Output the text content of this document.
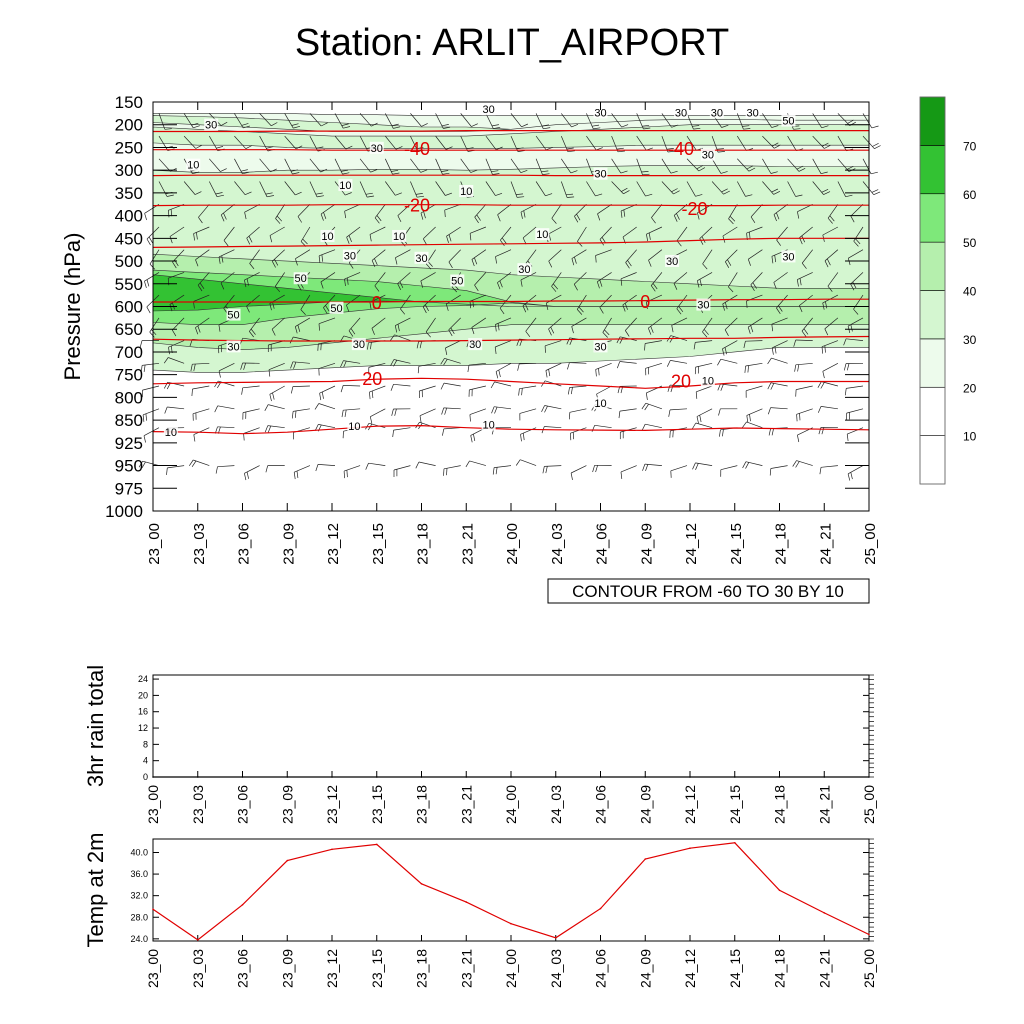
Station: ARLIT_AIRPORT
30	30	30 30 30
30	50
30 -40	-40 30
10
30
10	10
-20	-20
10	10	10
30	30
30
30	30
50	50
0	0
50
50
30
30	30	30	30
20	20 10
10
10	10
10
150
200
250
300
350
400
450
500
550
600
650
700
750
800
850
925
950
975
1000
Pressure (hPa)
23_00 23_03 23_06 23_09 23_12 23_15 23_18 23_21 24_00 24_03 24_06 24_09 24_12 24_15 24_18 24_21 25_00
CONTOUR FROM -60 TO 30 BY 10
10
20
30
40
50
60
70
0
4
8
12
16
20
24
23_00 23_03 23_06 23_09 23_12 23_15 23_18 23_21 24_00 24_03 24_06 24_09 24_12 24_15 24_18 24_21 25_00
3hr rain total
24.0
28.0
32.0
36.0
40.0
23_00 23_03 23_06 23_09 23_12 23_15 23_18 23_21 24_00 24_03 24_06 24_09 24_12 24_15 24_18 24_21 25_00
Temp at 2m
